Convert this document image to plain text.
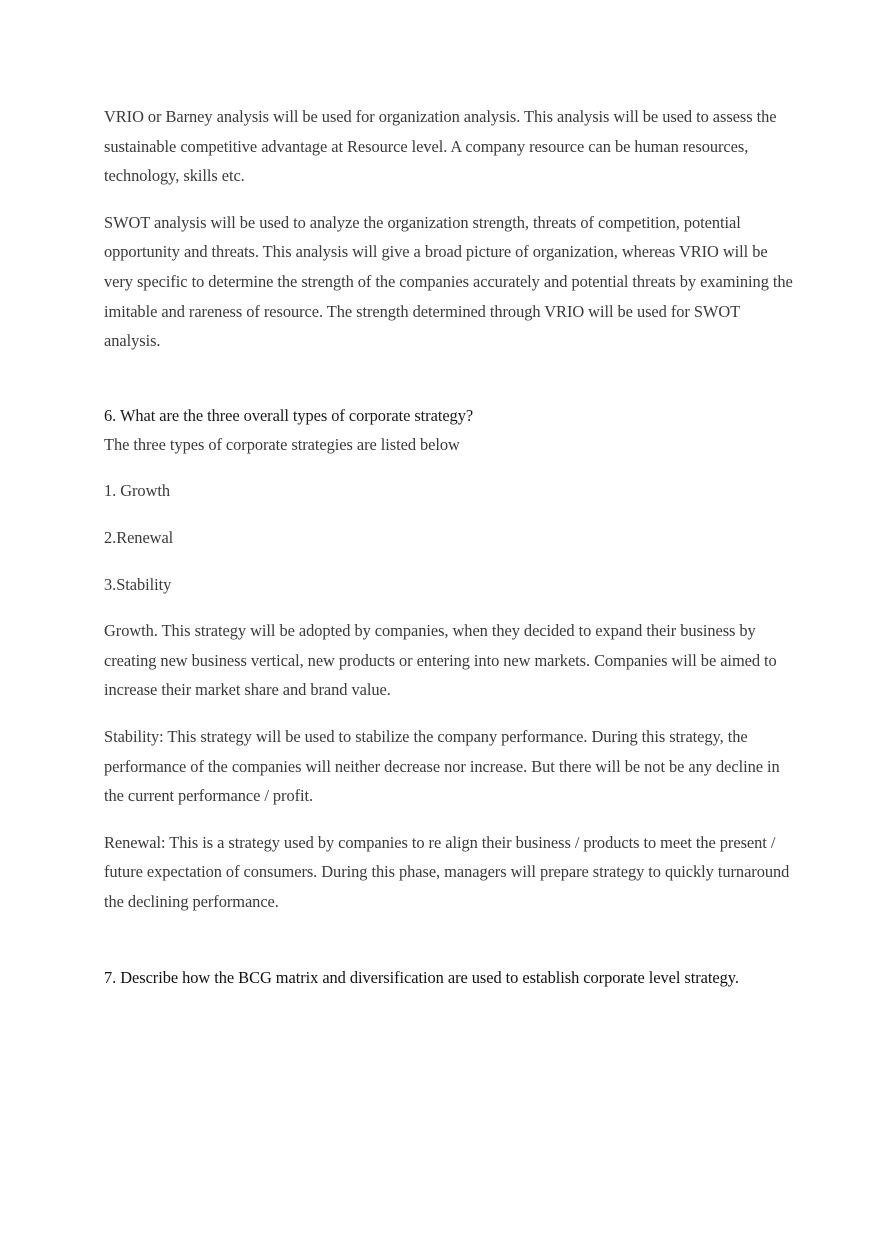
VRIO or Barney analysis will be used for organization analysis. This analysis will be used to assess the sustainable competitive advantage at Resource level. A company resource can be human resources, technology, skills etc.

SWOT analysis will be used to analyze the organization strength, threats of competition, potential opportunity and threats. This analysis will give a broad picture of organization, whereas VRIO will be very specific to determine the strength of the companies accurately and potential threats by examining the imitable and rareness of resource. The strength determined through VRIO will be used for SWOT analysis.

6. What are the three overall types of corporate strategy?

The three types of corporate strategies are listed below

1. Growth

2.Renewal

3.Stability

Growth. This strategy will be adopted by companies, when they decided to expand their business by creating new business vertical, new products or entering into new markets. Companies will be aimed to increase their market share and brand value.

Stability: This strategy will be used to stabilize the company performance. During this strategy, the performance of the companies will neither decrease nor increase. But there will be not be any decline in the current performance / profit.

Renewal: This is a strategy used by companies to re align their business / products to meet the present / future expectation of consumers. During this phase, managers will prepare strategy to quickly turnaround the declining performance.

7. Describe how the BCG matrix and diversification are used to establish corporate level strategy.
